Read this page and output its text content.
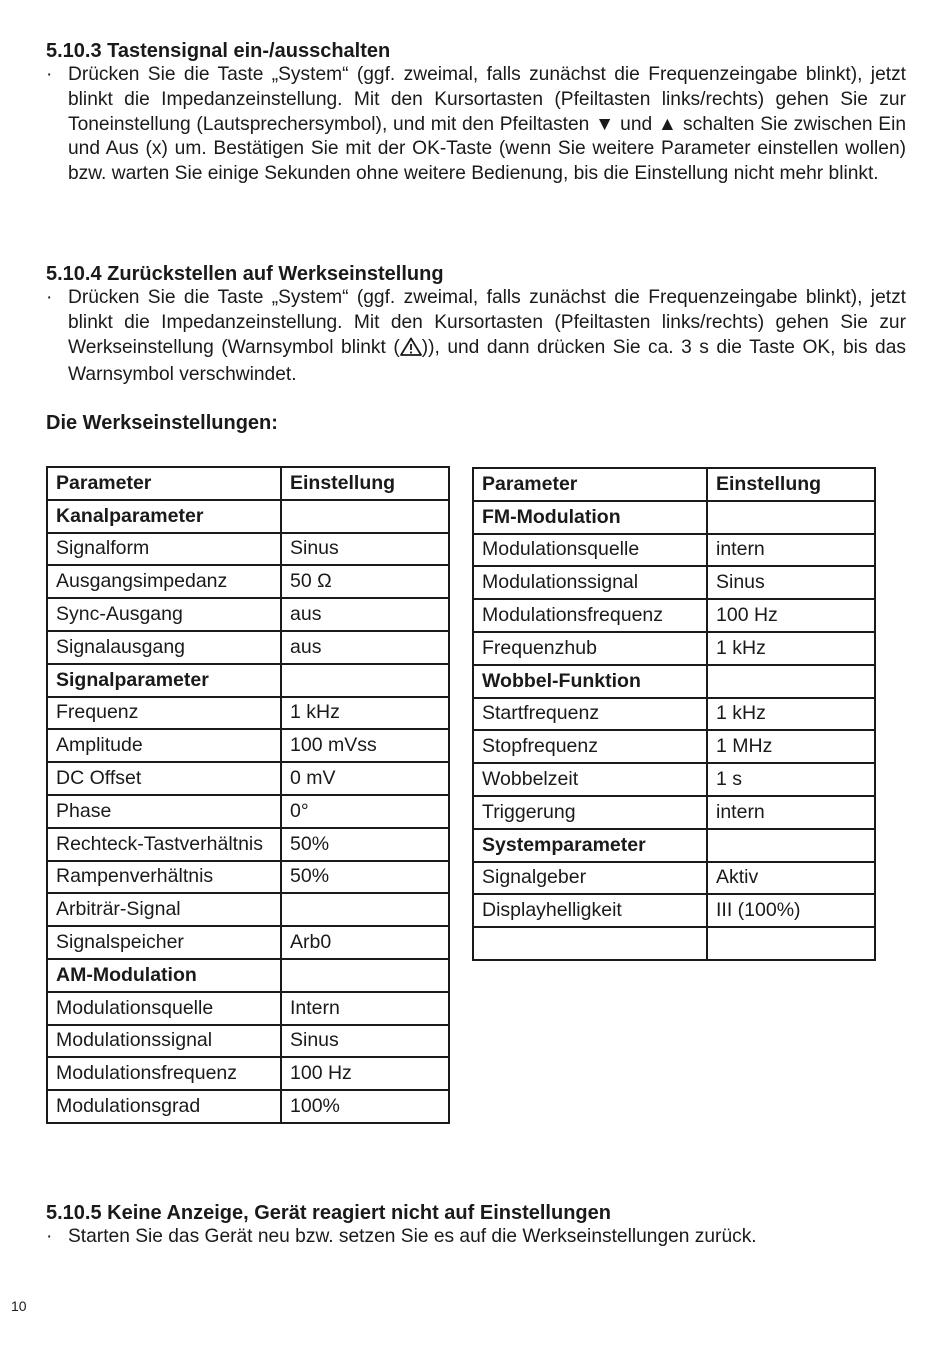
5.10.3 Tastensignal ein-/ausschalten

· Drücken Sie die Taste „System“ (ggf. zweimal, falls zunächst die Frequenzeingabe blinkt), jetzt blinkt die Impedanzeinstellung. Mit den Kursortasten (Pfeiltasten links/rechts) gehen Sie zur Toneinstellung (Lautsprechersymbol), und mit den Pfeiltasten ▼ und ▲ schalten Sie zwischen Ein und Aus (x) um. Bestätigen Sie mit der OK-Taste (wenn Sie weitere Parameter einstellen wollen) bzw. warten Sie einige Sekunden ohne weitere Bedienung, bis die Einstellung nicht mehr blinkt.

5.10.4 Zurückstellen auf Werkseinstellung

· Drücken Sie die Taste „System“ (ggf. zweimal, falls zunächst die Frequenzeingabe blinkt), jetzt blinkt die Impedanzeinstellung. Mit den Kursortasten (Pfeiltasten links/rechts) gehen Sie zur Werkseinstellung (Warnsymbol blinkt ( )), und dann drücken Sie ca. 3 s die Taste OK, bis das Warnsymbol verschwindet.

Die Werkseinstellungen:
Parameter	Einstellung
Kanalparameter	
Signalform	Sinus
Ausgangsimpedanz	50 Ω
Sync-Ausgang	aus
Signalausgang	aus
Signalparameter	
Frequenz	1 kHz
Amplitude	100 mVss
DC Offset	0 mV
Phase	0°
Rechteck-Tastverhältnis	50%
Rampenverhältnis	50%
Arbiträr-Signal	
Signalspeicher	Arb0
AM-Modulation	
Modulationsquelle	Intern
Modulationssignal	Sinus
Modulationsfrequenz	100 Hz
Modulationsgrad	100%
Parameter	Einstellung
FM-Modulation	
Modulationsquelle	intern
Modulationssignal	Sinus
Modulationsfrequenz	100 Hz
Frequenzhub	1 kHz
Wobbel-Funktion	
Startfrequenz	1 kHz
Stopfrequenz	1 MHz
Wobbelzeit	1 s
Triggerung	intern
Systemparameter	
Signalgeber	Aktiv
Displayhelligkeit	III (100%)

5.10.5 Keine Anzeige, Gerät reagiert nicht auf Einstellungen

· Starten Sie das Gerät neu bzw. setzen Sie es auf die Werkseinstellungen zurück.

10
